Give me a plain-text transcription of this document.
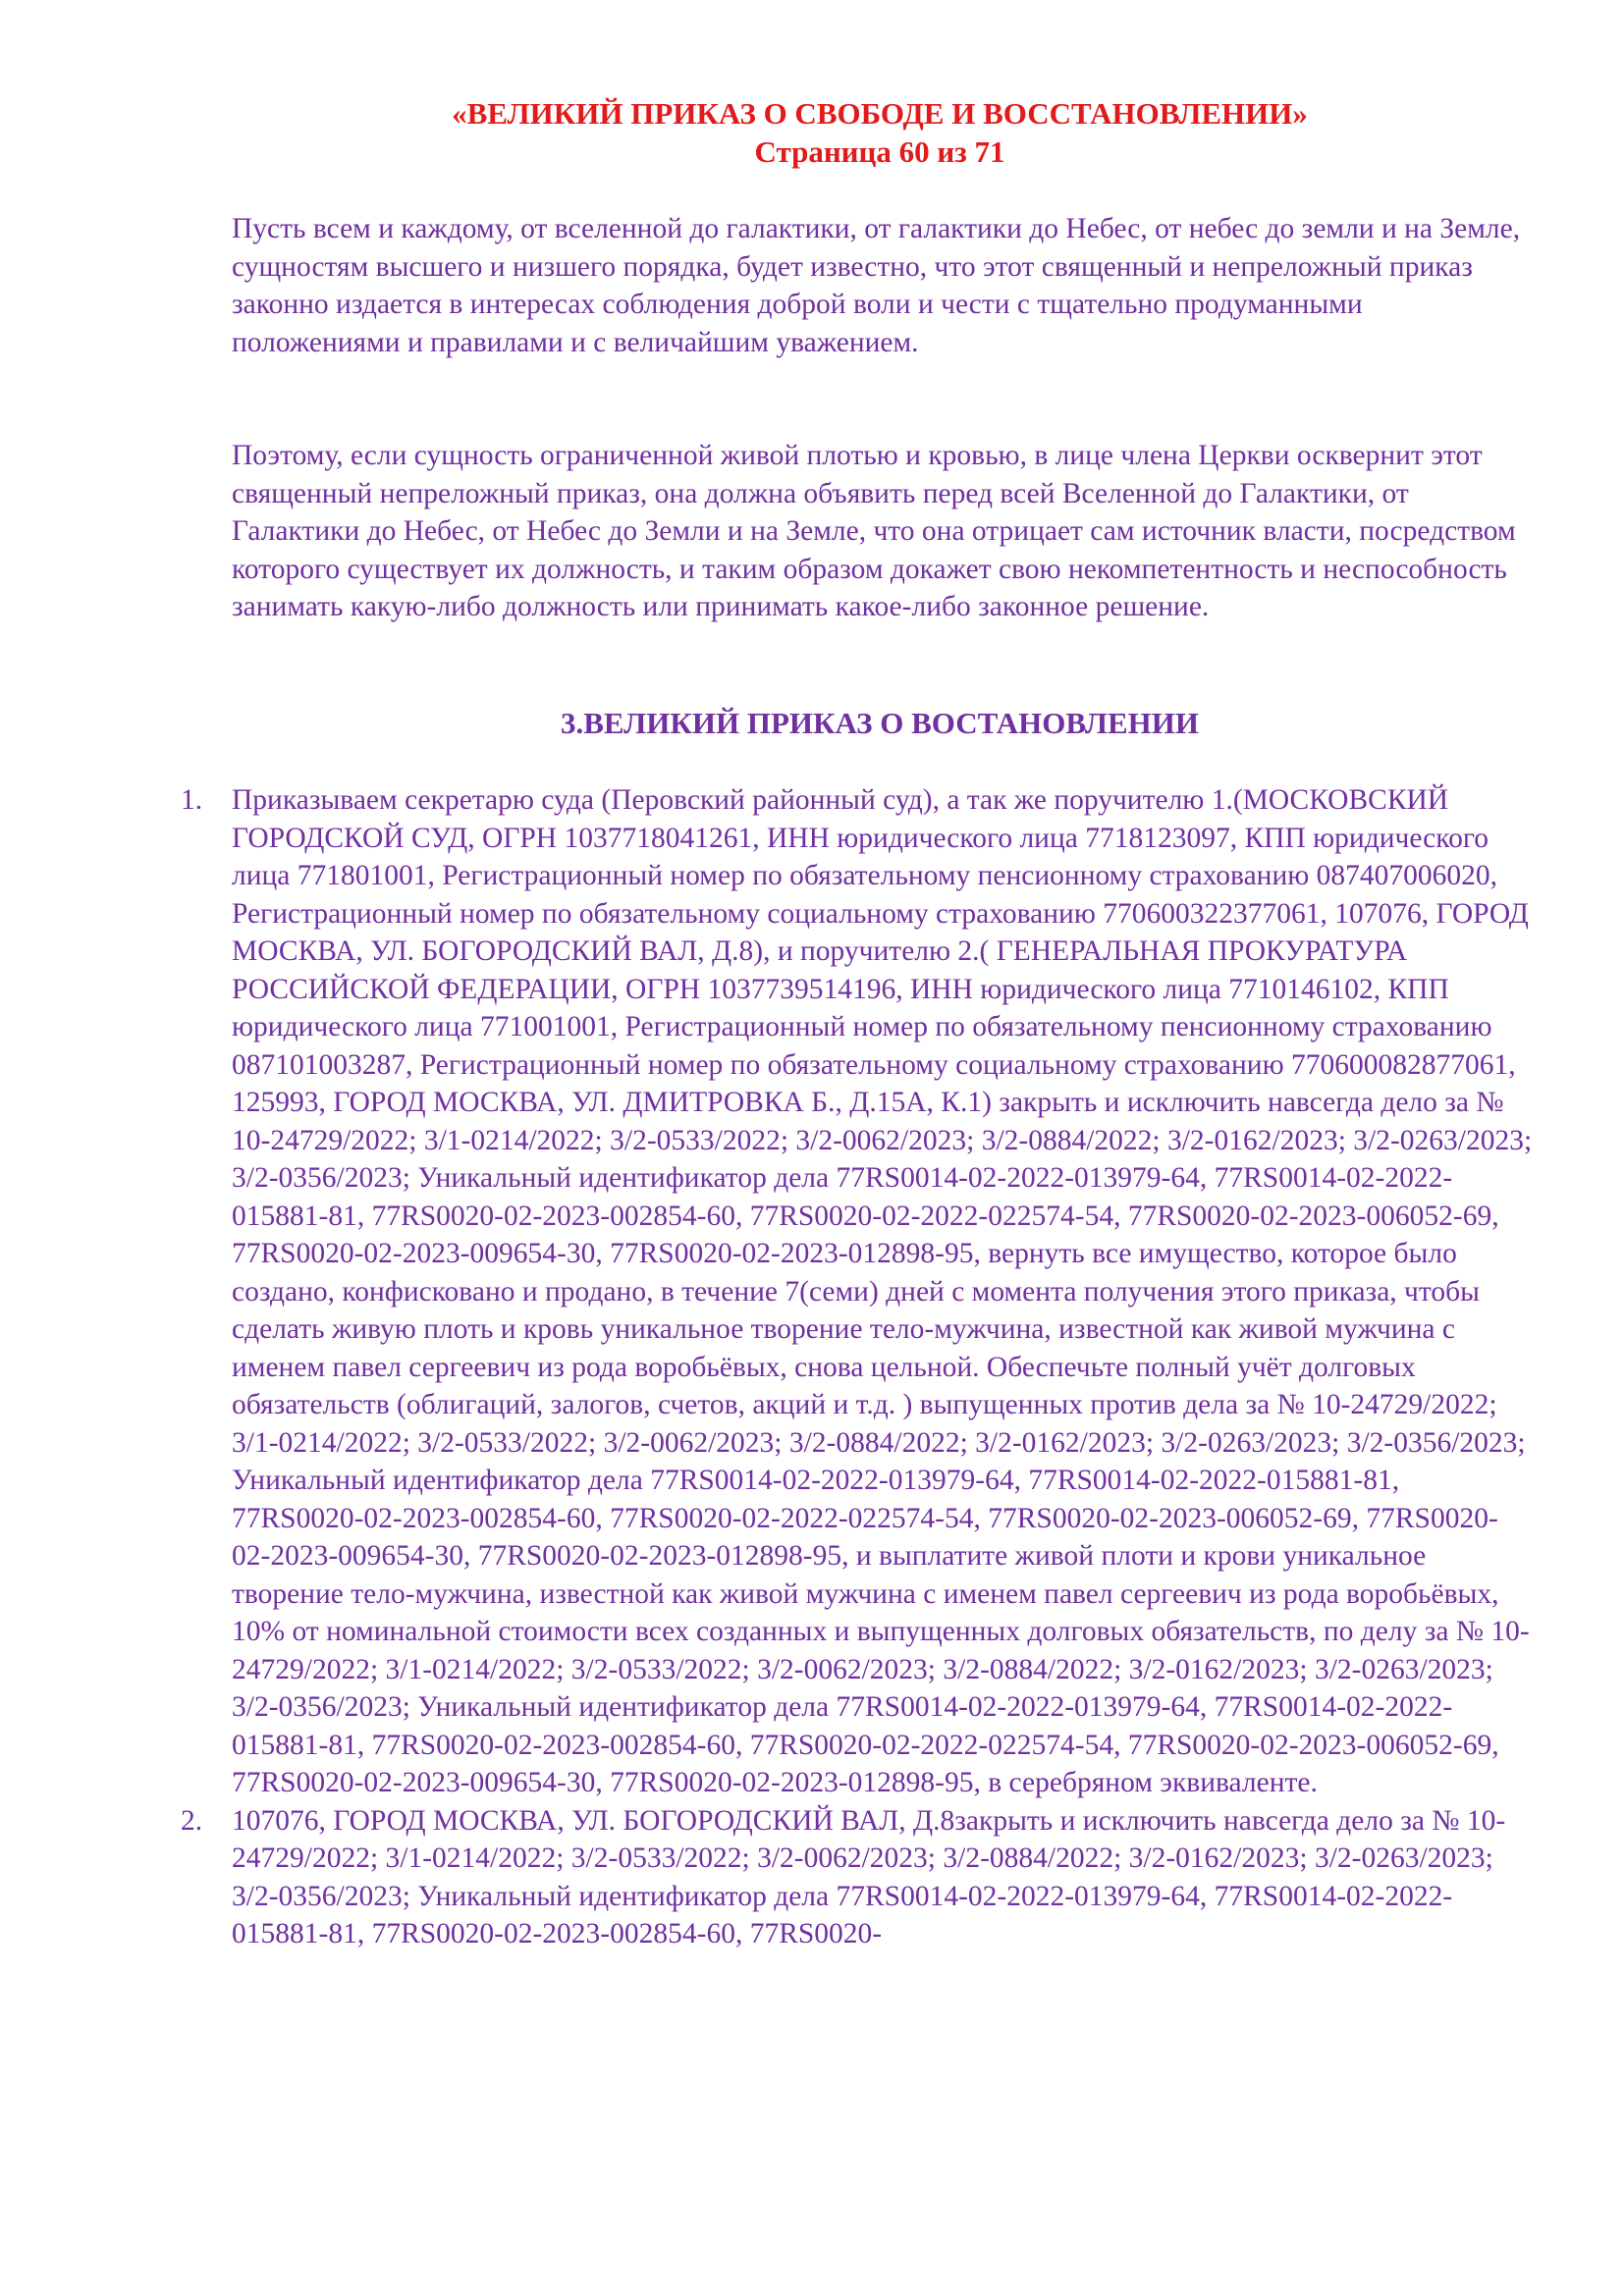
«ВЕЛИКИЙ ПРИКАЗ О СВОБОДЕ И ВОССТАНОВЛЕНИИ»
Страница 60 из 71

Пусть всем и каждому, от вселенной до галактики, от галактики до Небес, от небес до земли и на Земле, сущностям высшего и низшего порядка, будет известно, что этот священный и непреложный приказ законно издается в интересах соблюдения доброй воли и чести с тщательно продуманными положениями и правилами и с величайшим уважением.

Поэтому, если сущность ограниченной живой плотью и кровью, в лице члена Церкви осквернит этот священный непреложный приказ, она должна объявить перед всей Вселенной до Галактики, от Галактики до Небес, от Небес до Земли и на Земле, что она отрицает сам источник власти, посредством которого существует их должность, и таким образом докажет свою некомпетентность и неспособность занимать какую-либо должность или принимать какое-либо законное решение.

3.ВЕЛИКИЙ ПРИКАЗ О ВОСТАНОВЛЕНИИ
1. Приказываем секретарю суда (Перовский районный суд), а так же поручителю 1.(МОСКОВСКИЙ ГОРОДСКОЙ СУД, ОГРН 1037718041261, ИНН юридического лица 7718123097, КПП юридического лица 771801001, Регистрационный номер по обязательному пенсионному страхованию 087407006020, Регистрационный номер по обязательному социальному страхованию 770600322377061, 107076, ГОРОД МОСКВА, УЛ. БОГОРОДСКИЙ ВАЛ, Д.8), и поручителю 2.( ГЕНЕРАЛЬНАЯ ПРОКУРАТУРА РОССИЙСКОЙ ФЕДЕРАЦИИ, ОГРН 1037739514196, ИНН юридического лица 7710146102, КПП юридического лица 771001001, Регистрационный номер по обязательному пенсионному страхованию 087101003287, Регистрационный номер по обязательному социальному страхованию 770600082877061, 125993, ГОРОД МОСКВА, УЛ. ДМИТРОВКА Б., Д.15А, К.1) закрыть и исключить навсегда дело за № 10-24729/2022; 3/1-0214/2022; 3/2-0533/2022; 3/2-0062/2023; 3/2-0884/2022; 3/2-0162/2023; 3/2-0263/2023; 3/2-0356/2023; Уникальный идентификатор дела 77RS0014-02-2022-013979-64, 77RS0014-02-2022-015881-81, 77RS0020-02-2023-002854-60, 77RS0020-02-2022-022574-54, 77RS0020-02-2023-006052-69, 77RS0020-02-2023-009654-30, 77RS0020-02-2023-012898-95, вернуть все имущество, которое было создано, конфисковано и продано, в течение 7(семи) дней с момента получения этого приказа, чтобы сделать живую плоть и кровь уникальное творение тело-мужчина, известной как живой мужчина с именем павел сергеевич из рода воробьёвых, снова цельной. Обеспечьте полный учёт долговых обязательств (облигаций, залогов, счетов, акций и т.д. ) выпущенных против дела за № 10-24729/2022; 3/1-0214/2022; 3/2-0533/2022; 3/2-0062/2023; 3/2-0884/2022; 3/2-0162/2023; 3/2-0263/2023; 3/2-0356/2023; Уникальный идентификатор дела 77RS0014-02-2022-013979-64, 77RS0014-02-2022-015881-81, 77RS0020-02-2023-002854-60, 77RS0020-02-2022-022574-54, 77RS0020-02-2023-006052-69, 77RS0020-02-2023-009654-30, 77RS0020-02-2023-012898-95, и выплатите живой плоти и крови уникальное творение тело-мужчина, известной как живой мужчина с именем павел сергеевич из рода воробьёвых, 10% от номинальной стоимости всех созданных и выпущенных долговых обязательств, по делу за № 10-24729/2022; 3/1-0214/2022; 3/2-0533/2022; 3/2-0062/2023; 3/2-0884/2022; 3/2-0162/2023; 3/2-0263/2023; 3/2-0356/2023; Уникальный идентификатор дела 77RS0014-02-2022-013979-64, 77RS0014-02-2022-015881-81, 77RS0020-02-2023-002854-60, 77RS0020-02-2022-022574-54, 77RS0020-02-2023-006052-69, 77RS0020-02-2023-009654-30, 77RS0020-02-2023-012898-95, в серебряном эквиваленте.
2. 107076, ГОРОД МОСКВА, УЛ. БОГОРОДСКИЙ ВАЛ, Д.8закрыть и исключить навсегда дело за № 10-24729/2022; 3/1-0214/2022; 3/2-0533/2022; 3/2-0062/2023; 3/2-0884/2022; 3/2-0162/2023; 3/2-0263/2023; 3/2-0356/2023; Уникальный идентификатор дела 77RS0014-02-2022-013979-64, 77RS0014-02-2022-015881-81, 77RS0020-02-2023-002854-60, 77RS0020-
